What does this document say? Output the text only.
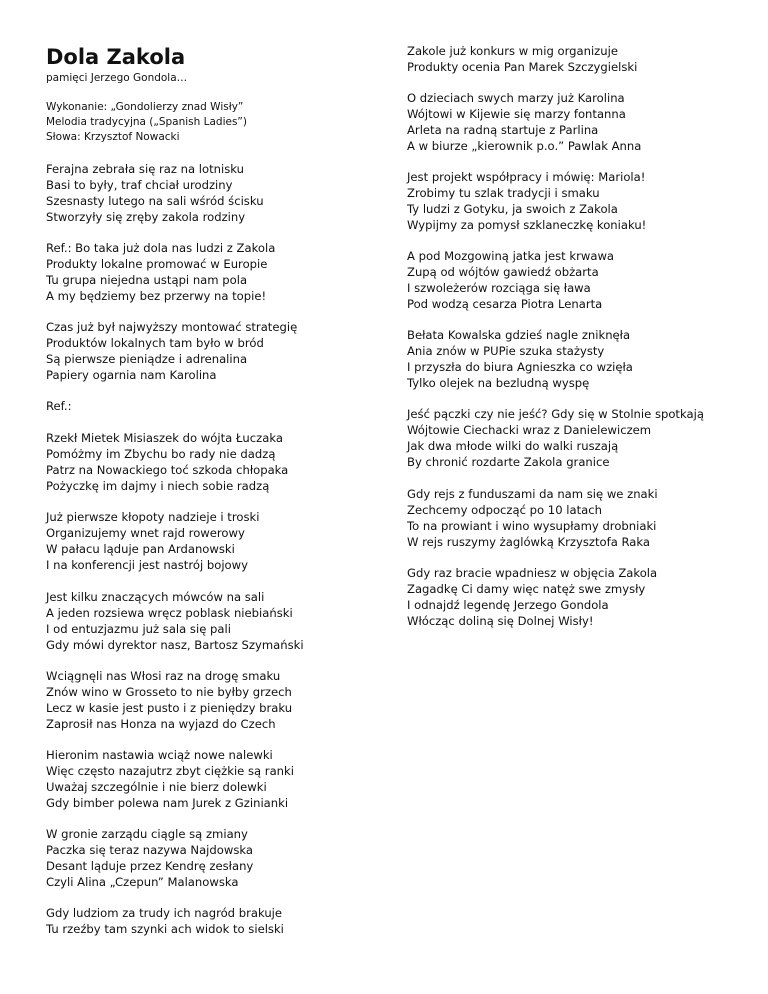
Dola Zakola

pamięci Jerzego Gondola…

Wykonanie: „Gondolierzy znad Wisły”
Melodia tradycyjna („Spanish Ladies”)
Słowa: Krzysztof Nowacki
Ferajna zebrała się raz na lotnisku
Basi to były, traf chciał urodziny
Szesnasty lutego na sali wśród ścisku
Stworzyły się zręby zakola rodziny
Ref.: Bo taka już dola nas ludzi z Zakola
Produkty lokalne promować w Europie
Tu grupa niejedna ustąpi nam pola
A my będziemy bez przerwy na topie!
Czas już był najwyższy montować strategię
Produktów lokalnych tam było w bród
Są pierwsze pieniądze i adrenalina
Papiery ogarnia nam Karolina
Ref.:
Rzekł Mietek Misiaszek do wójta Łuczaka
Pomóżmy im Zbychu bo rady nie dadzą
Patrz na Nowackiego toć szkoda chłopaka
Pożyczkę im dajmy i niech sobie radzą
Już pierwsze kłopoty nadzieje i troski
Organizujemy wnet rajd rowerowy
W pałacu ląduje pan Ardanowski
I na konferencji jest nastrój bojowy
Jest kilku znaczących mówców na sali
A jeden rozsiewa wręcz poblask niebiański
I od entuzjazmu już sala się pali
Gdy mówi dyrektor nasz, Bartosz Szymański
Wciągnęli nas Włosi raz na drogę smaku
Znów wino w Grosseto to nie byłby grzech
Lecz w kasie jest pusto i z pieniędzy braku
Zaprosił nas Honza na wyjazd do Czech
Hieronim nastawia wciąż nowe nalewki
Więc często nazajutrz zbyt ciężkie są ranki
Uważaj szczególnie i nie bierz dolewki
Gdy bimber polewa nam Jurek z Gzinianki
W gronie zarządu ciągle są zmiany
Paczka się teraz nazywa Najdowska
Desant ląduje przez Kendrę zesłany
Czyli Alina „Czepun” Malanowska
Gdy ludziom za trudy ich nagród brakuje
Tu rzeźby tam szynki ach widok to sielski
Zakole już konkurs w mig organizuje
Produkty ocenia Pan Marek Szczygielski
O dzieciach swych marzy już Karolina
Wójtowi w Kijewie się marzy fontanna
Arleta na radną startuje z Parlina
A w biurze „kierownik p.o.” Pawlak Anna
Jest projekt współpracy i mówię: Mariola!
Zrobimy tu szlak tradycji i smaku
Ty ludzi z Gotyku, ja swoich z Zakola
Wypijmy za pomysł szklaneczkę koniaku!
A pod Mozgowiną jatka jest krwawa
Zupą od wójtów gawiedź obżarta
I szwoleżerów rozciąga się ława
Pod wodzą cesarza Piotra Lenarta
Bełata Kowalska gdzieś nagle zniknęła
Ania znów w PUPie szuka stażysty
I przyszła do biura Agnieszka co wzięła
Tylko olejek na bezludną wyspę
Jeść pączki czy nie jeść? Gdy się w Stolnie spotkają
Wójtowie Ciechacki wraz z Danielewiczem
Jak dwa młode wilki do walki ruszają
By chronić rozdarte Zakola granice
Gdy rejs z funduszami da nam się we znaki
Zechcemy odpocząć po 10 latach
To na prowiant i wino wysupłamy drobniaki
W rejs ruszymy żaglówką Krzysztofa Raka
Gdy raz bracie wpadniesz w objęcia Zakola
Zagadkę Ci damy więc natęż swe zmysły
I odnajdź legendę Jerzego Gondola
Włócząc doliną się Dolnej Wisły!
